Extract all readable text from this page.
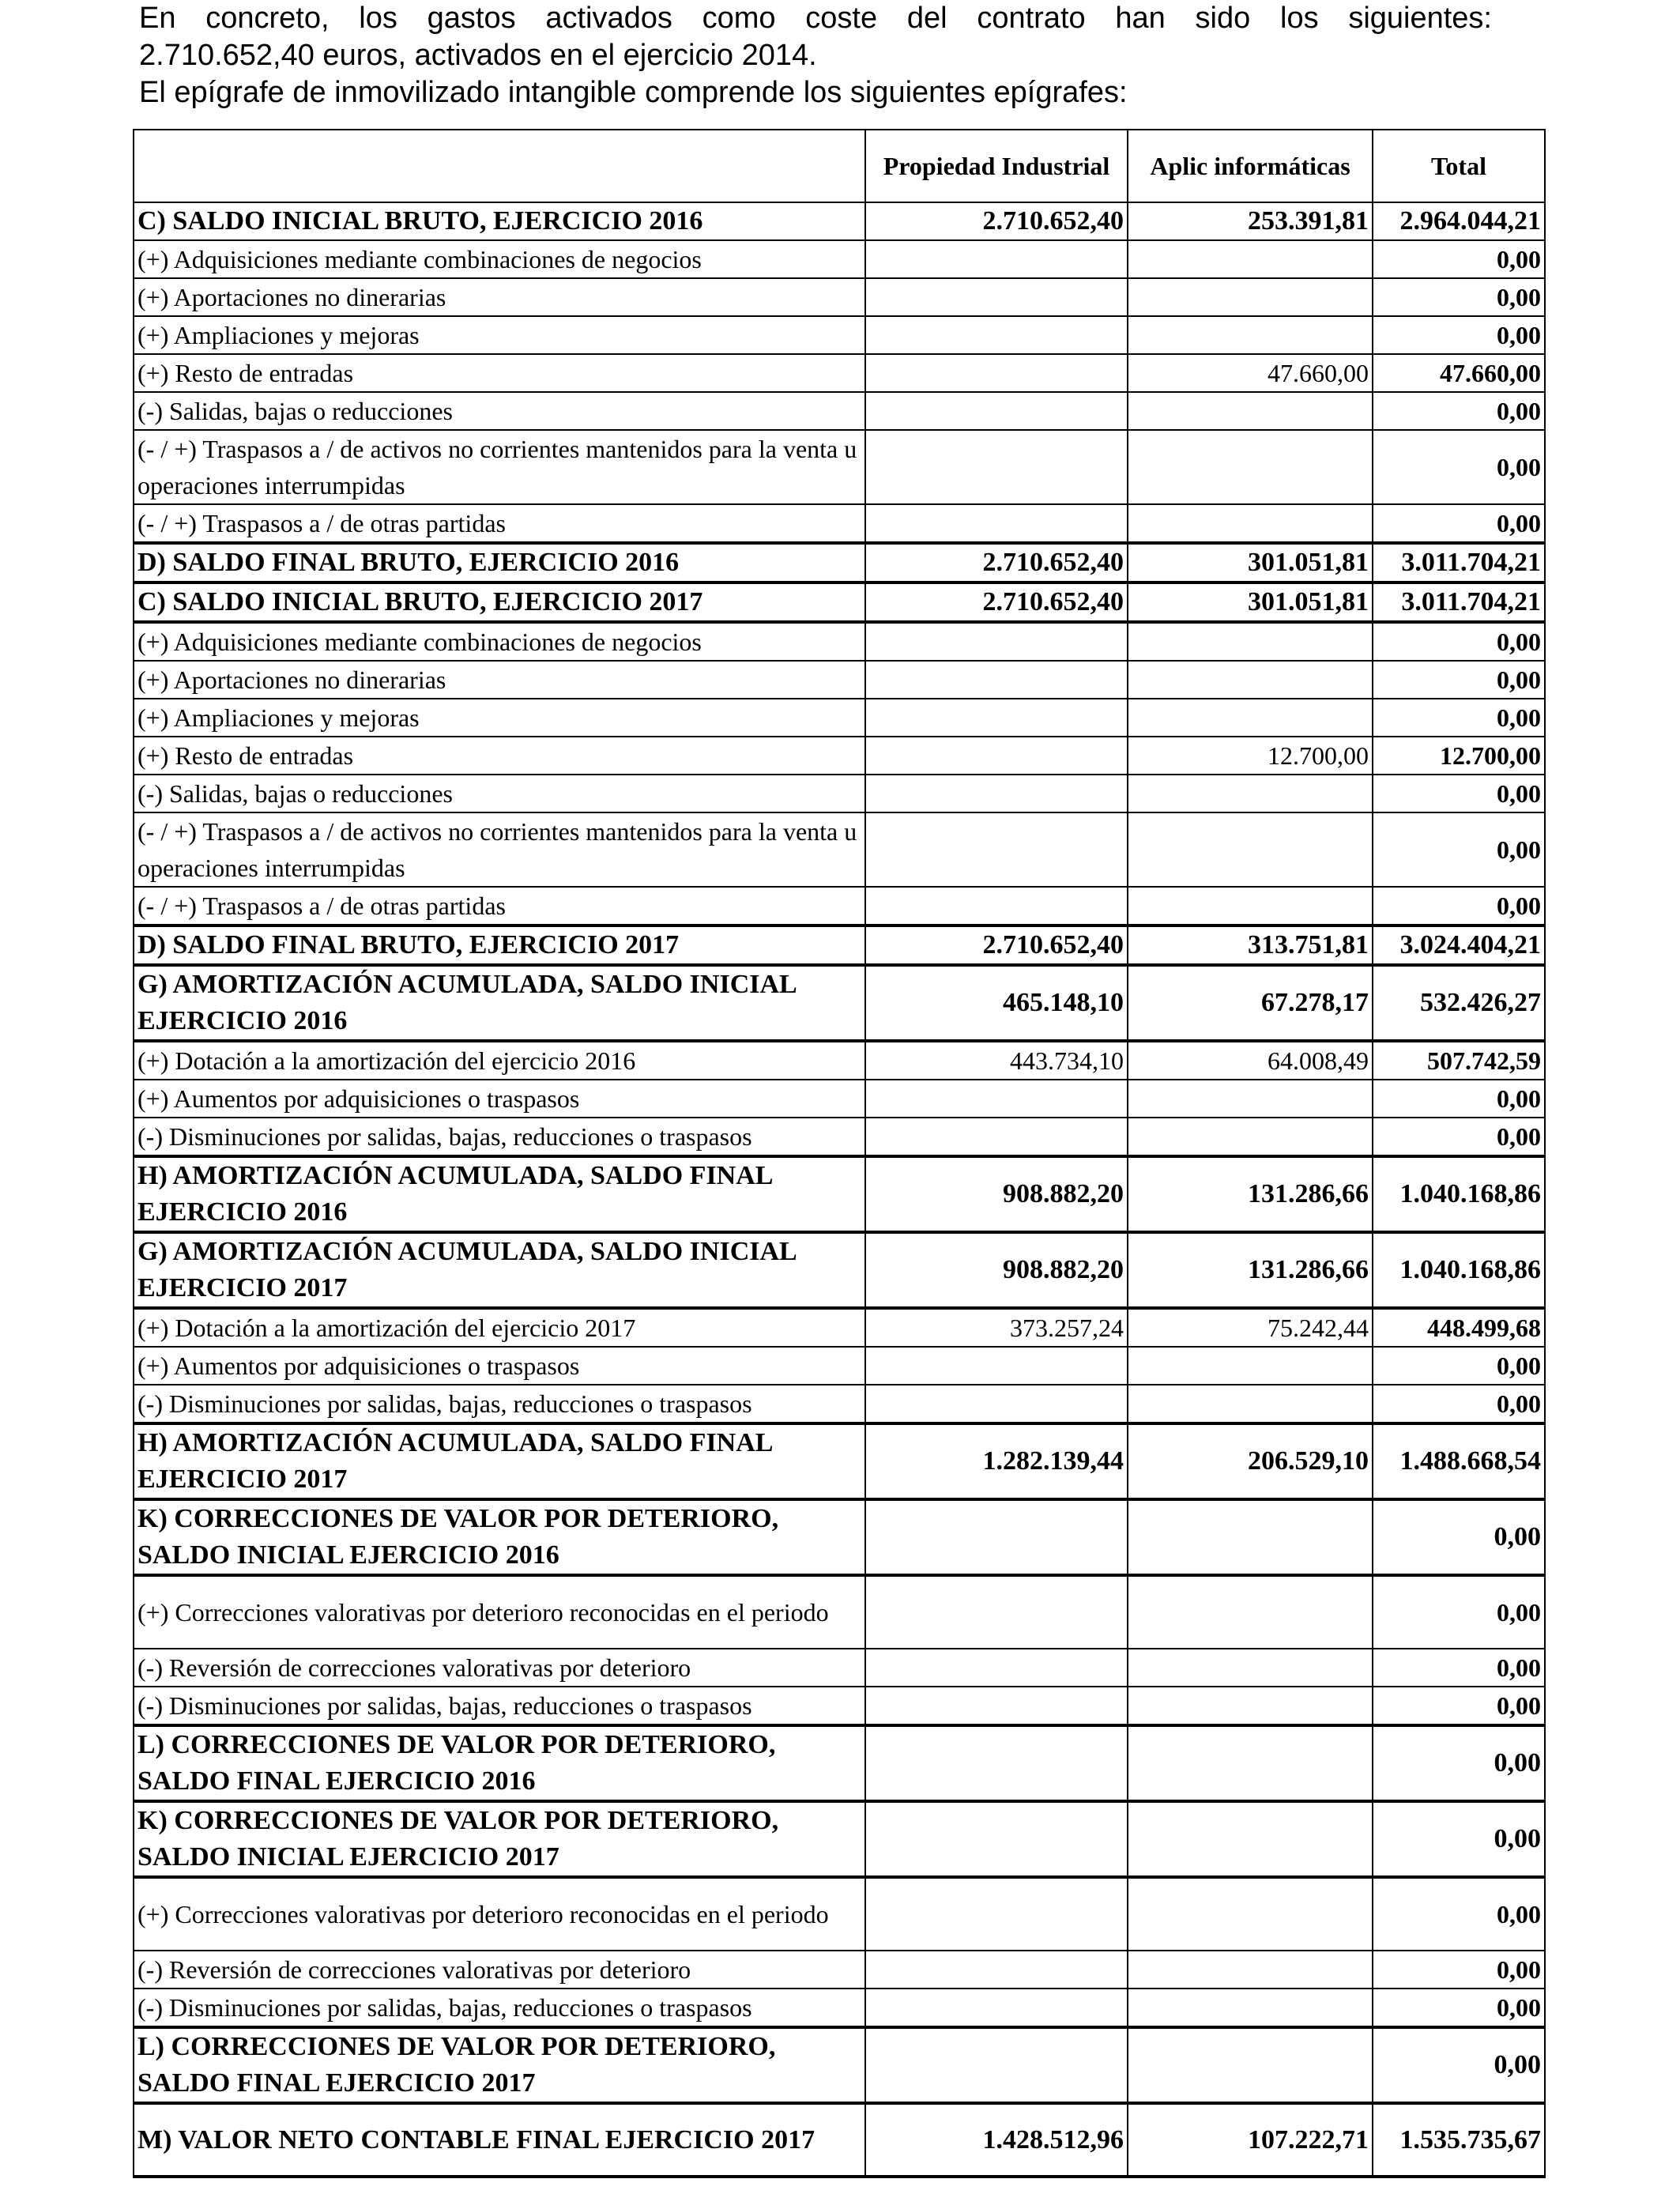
En concreto, los gastos activados como coste del contrato han sido los siguientes:

2.710.652,40 euros, activados en el ejercicio 2014.

El epígrafe de inmovilizado intangible comprende los siguientes epígrafes:

	Propiedad Industrial	Aplic informáticas	Total
C) SALDO INICIAL BRUTO, EJERCICIO 2016	2.710.652,40	253.391,81	2.964.044,21
(+) Adquisiciones mediante combinaciones de negocios			0,00
(+) Aportaciones no dinerarias			0,00
(+) Ampliaciones y mejoras			0,00
(+) Resto de entradas		47.660,00	47.660,00
(-) Salidas, bajas o reducciones			0,00
(- / +) Traspasos a / de activos no corrientes mantenidos para la venta u operaciones interrumpidas			0,00
(- / +) Traspasos a / de otras partidas			0,00
D) SALDO FINAL BRUTO, EJERCICIO 2016	2.710.652,40	301.051,81	3.011.704,21
C) SALDO INICIAL BRUTO, EJERCICIO 2017	2.710.652,40	301.051,81	3.011.704,21
(+) Adquisiciones mediante combinaciones de negocios			0,00
(+) Aportaciones no dinerarias			0,00
(+) Ampliaciones y mejoras			0,00
(+) Resto de entradas		12.700,00	12.700,00
(-) Salidas, bajas o reducciones			0,00
(- / +) Traspasos a / de activos no corrientes mantenidos para la venta u operaciones interrumpidas			0,00
(- / +) Traspasos a / de otras partidas			0,00
D) SALDO FINAL BRUTO, EJERCICIO 2017	2.710.652,40	313.751,81	3.024.404,21
G) AMORTIZACIÓN ACUMULADA, SALDO INICIAL EJERCICIO 2016	465.148,10	67.278,17	532.426,27
(+) Dotación a la amortización del ejercicio 2016	443.734,10	64.008,49	507.742,59
(+) Aumentos por adquisiciones o traspasos			0,00
(-) Disminuciones por salidas, bajas, reducciones o traspasos			0,00
H) AMORTIZACIÓN ACUMULADA, SALDO FINAL EJERCICIO 2016	908.882,20	131.286,66	1.040.168,86
G) AMORTIZACIÓN ACUMULADA, SALDO INICIAL EJERCICIO 2017	908.882,20	131.286,66	1.040.168,86
(+) Dotación a la amortización del ejercicio 2017	373.257,24	75.242,44	448.499,68
(+) Aumentos por adquisiciones o traspasos			0,00
(-) Disminuciones por salidas, bajas, reducciones o traspasos			0,00
H) AMORTIZACIÓN ACUMULADA, SALDO FINAL EJERCICIO 2017	1.282.139,44	206.529,10	1.488.668,54
K) CORRECCIONES DE VALOR POR DETERIORO, SALDO INICIAL EJERCICIO 2016			0,00
(+) Correcciones valorativas por deterioro reconocidas en el periodo			0,00
(-) Reversión de correcciones valorativas por deterioro			0,00
(-) Disminuciones por salidas, bajas, reducciones o traspasos			0,00
L) CORRECCIONES DE VALOR POR DETERIORO, SALDO FINAL EJERCICIO 2016			0,00
K) CORRECCIONES DE VALOR POR DETERIORO, SALDO INICIAL EJERCICIO 2017			0,00
(+) Correcciones valorativas por deterioro reconocidas en el periodo			0,00
(-) Reversión de correcciones valorativas por deterioro			0,00
(-) Disminuciones por salidas, bajas, reducciones o traspasos			0,00
L) CORRECCIONES DE VALOR POR DETERIORO, SALDO FINAL EJERCICIO 2017			0,00
M) VALOR NETO CONTABLE FINAL EJERCICIO 2017	1.428.512,96	107.222,71	1.535.735,67
